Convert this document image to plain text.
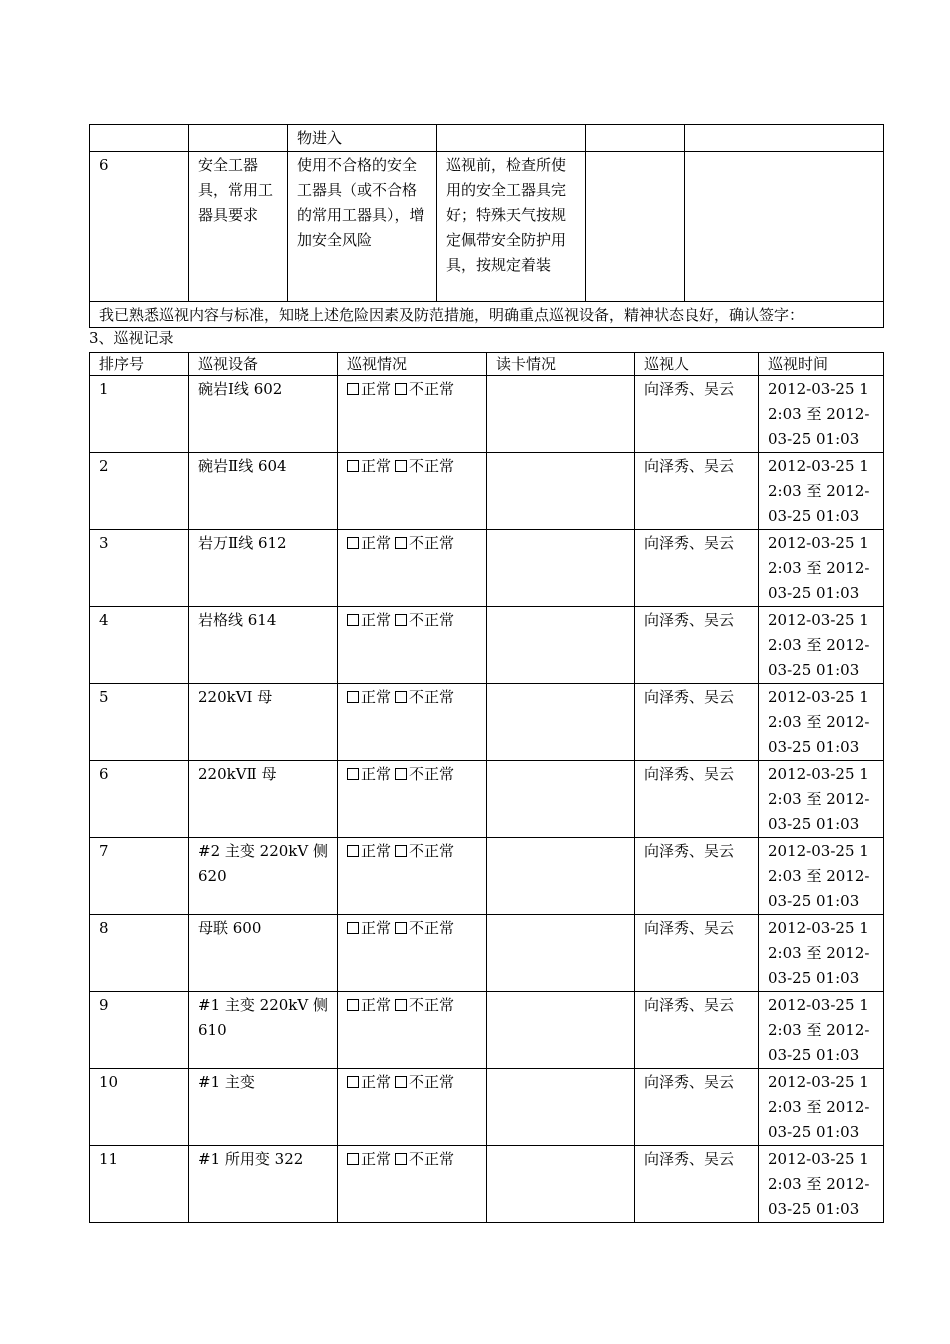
		物进入			
6	安全工器具，常用工器具要求	使用不合格的安全工器具（或不合格的常用工器具），增加安全风险	巡视前，检查所使用的安全工器具完好；特殊天气按规定佩带安全防护用具，按规定着装		
我已熟悉巡视内容与标准，知晓上述危险因素及防范措施，明确重点巡视设备，精神状态良好，确认签字：					
3、巡视记录
排序号	巡视设备	巡视情况	读卡情况	巡视人	巡视时间
1	碗岩Ⅰ线 602	正常 不正常		向泽秀、吴云	2012-03-25 12:03 至 2012-03-25 01:03
2	碗岩Ⅱ线 604	正常 不正常		向泽秀、吴云	2012-03-25 12:03 至 2012-03-25 01:03
3	岩万Ⅱ线 612	正常 不正常		向泽秀、吴云	2012-03-25 12:03 至 2012-03-25 01:03
4	岩格线 614	正常 不正常		向泽秀、吴云	2012-03-25 12:03 至 2012-03-25 01:03
5	220kVⅠ 母	正常 不正常		向泽秀、吴云	2012-03-25 12:03 至 2012-03-25 01:03
6	220kVⅡ 母	正常 不正常		向泽秀、吴云	2012-03-25 12:03 至 2012-03-25 01:03
7	#2 主变 220kV 侧 620	正常 不正常		向泽秀、吴云	2012-03-25 12:03 至 2012-03-25 01:03
8	母联 600	正常 不正常		向泽秀、吴云	2012-03-25 12:03 至 2012-03-25 01:03
9	#1 主变 220kV 侧 610	正常 不正常		向泽秀、吴云	2012-03-25 12:03 至 2012-03-25 01:03
10	#1 主变	正常 不正常		向泽秀、吴云	2012-03-25 12:03 至 2012-03-25 01:03
11	#1 所用变 322	正常 不正常		向泽秀、吴云	2012-03-25 12:03 至 2012-03-25 01:03
